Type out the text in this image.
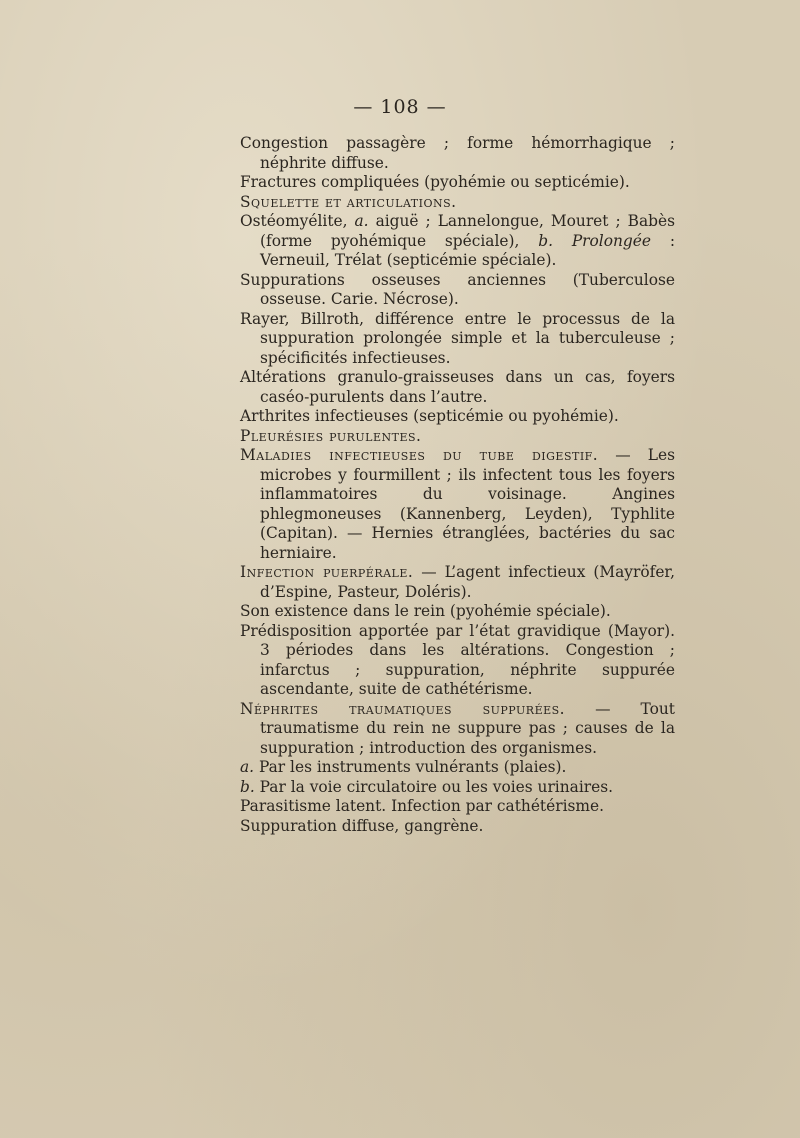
— 108 —

Congestion passagère ; forme hémorrhagique ; néphrite diffuse.

Fractures compliquées (pyohémie ou septicémie).

Squelette et articulations.

Ostéomyélite, a. aiguë ; Lannelongue, Mouret ; Babès (forme pyohémique spéciale), b. Prolongée : Verneuil, Trélat (septicémie spéciale).

Suppurations osseuses anciennes (Tuberculose osseuse. Carie. Nécrose).

Rayer, Billroth, différence entre le processus de la suppuration prolongée simple et la tuberculeuse ; spécificités infectieuses.

Altérations granulo-graisseuses dans un cas, foyers caséo-purulents dans l’autre.

Arthrites infectieuses (septicémie ou pyohémie).

Pleurésies purulentes.

Maladies infectieuses du tube digestif. — Les microbes y fourmillent ; ils infectent tous les foyers inflammatoires du voisinage. Angines phlegmoneuses (Kannenberg, Leyden), Typhlite (Capitan). — Hernies étranglées, bactéries du sac herniaire.

Infection puerpérale. — L’agent infectieux (Mayröfer, d’Espine, Pasteur, Doléris).

Son existence dans le rein (pyohémie spéciale).

Prédisposition apportée par l’état gravidique (Mayor). 3 périodes dans les altérations. Congestion ; infarctus ; suppuration, néphrite suppurée ascendante, suite de cathétérisme.

Néphrites traumatiques suppurées. — Tout traumatisme du rein ne suppure pas ; causes de la suppuration ; introduction des organismes.

a. Par les instruments vulnérants (plaies).

b. Par la voie circulatoire ou les voies urinaires.

Parasitisme latent. Infection par cathétérisme.

Suppuration diffuse, gangrène.
